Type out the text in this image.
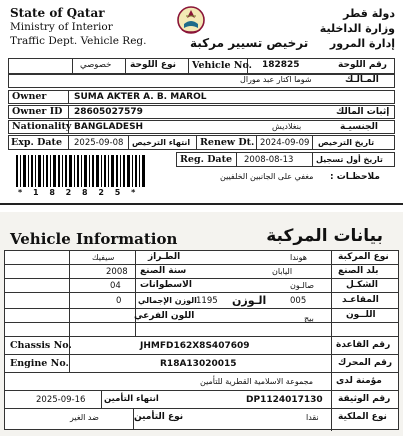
State of Qatar
Ministry of Interior
Traffic Dept. Vehicle Reg.
دولة قطر
وزارة الداخلية
إدارة المرور
ترخيص تسيير مركبة
خصوصي نوع اللوحة Vehicle No. 182825	رقم اللوحة
شوما اكتار عبد مورال	المـالـك
Owner	SUMA AKTER A. B. MAROL
Owner ID 28605027579	إثبات المالك
Nationality BANGLADESH	بنغلاديش	الجنسيـة
Exp. Date 2025-09-08 انتهاء الترخيص Renew Dt. 2024-09-09 تاريخ الترخيص
* 1 8 2 8 2 5 *
Reg. Date 2008-08-13	تاريخ أول تسجيل
مغفي على الجانبين الخلفيين ملاحظـات :
Vehicle Information	بيانات المركبة
سيفيك	الطـراز	هوندا	نوع المركبة
2008 سنة الصنع	اليابان	بلد الصنع
04 الاسطوانات	صالـون	الشكـل
0 الوزن الإجمالي 1195 الـوزن	005	المقاعـد
اللون الفرعي	بيج	اللــون
Chassis No.	JHMFD162X8S407609	رقم القاعدة
Engine No.	R18A13020015	رقم المحرك
مجموعة الاسلامية القطرية للتأمين	مؤمنة لدى
2025-09-16 انتهاء التأمين	DP1124017130 رقم الوثيقة
ضد الغير	نوع التأمين	نقدا نوع الملكية
